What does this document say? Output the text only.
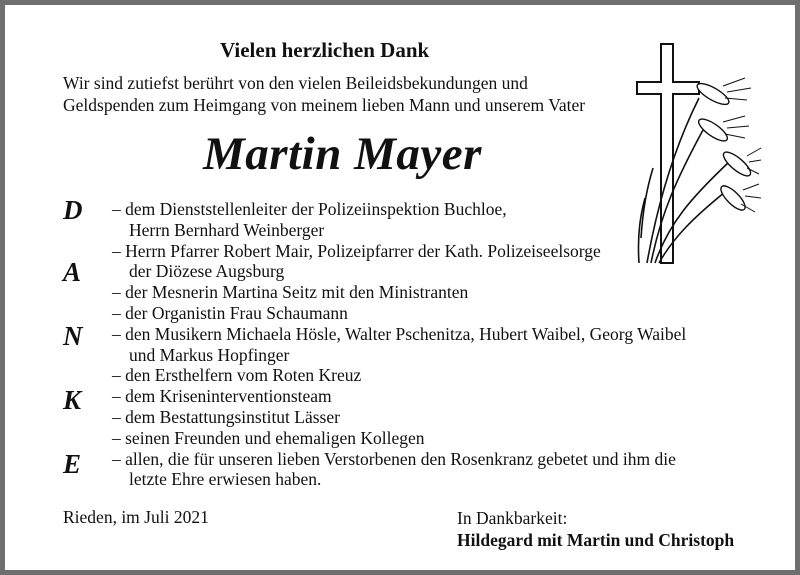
Vielen herzlichen Dank
Wir sind zutiefst berührt von den vielen Beileidsbekundungen und
Geldspenden zum Heimgang von meinem lieben Mann und unserem Vater
Martin Mayer
D
A
N
K
E
– dem Dienststellenleiter der Polizeiinspektion Buchloe,
Herrn Bernhard Weinberger
– Herrn Pfarrer Robert Mair, Polizeipfarrer der Kath. Polizeiseelsorge
der Diözese Augsburg
– der Mesnerin Martina Seitz mit den Ministranten
– der Organistin Frau Schaumann
– den Musikern Michaela Hösle, Walter Pschenitza, Hubert Waibel, Georg Waibel
und Markus Hopfinger
– den Ersthelfern vom Roten Kreuz
– dem Kriseninterventionsteam
– dem Bestattungsinstitut Lässer
– seinen Freunden und ehemaligen Kollegen
– allen, die für unseren lieben Verstorbenen den Rosenkranz gebetet und ihm die
letzte Ehre erwiesen haben.
Rieden, im Juli 2021	In Dankbarkeit:
Hildegard mit Martin und Christoph
